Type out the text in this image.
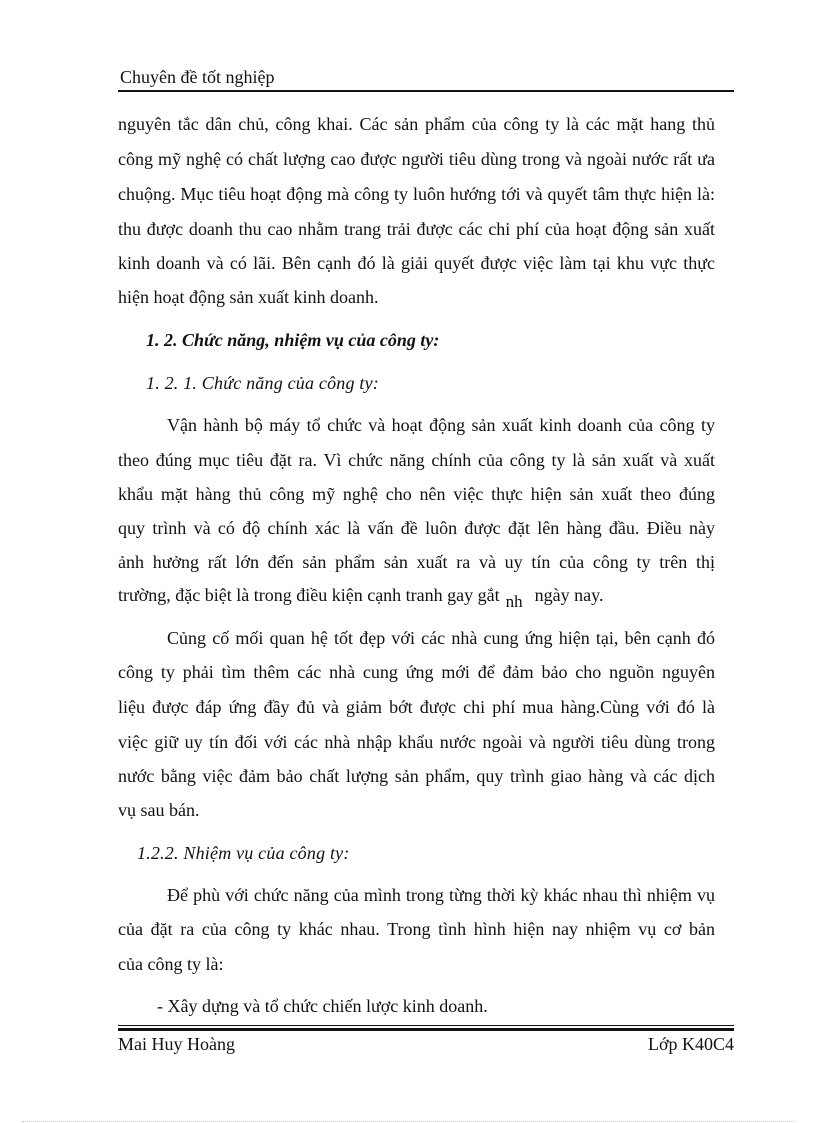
Chuyên đề tốt nghiệp
nguyên tắc dân chủ, công khai. Các sản phẩm của công ty là các mặt hang thủ
công mỹ nghệ có chất lượng cao được người tiêu dùng trong và ngoài nước rất ưa
chuộng. Mục tiêu hoạt động mà công ty luôn hướng tới và quyết tâm thực hiện là:
thu được doanh thu cao nhằm trang trải được các chi phí của hoạt động sản xuất
kinh doanh và có lãi. Bên cạnh đó là giải quyết được việc làm tại khu vực thực
hiện hoạt động sản xuất kinh doanh.
1. 2. Chức năng, nhiệm vụ của công ty:
1. 2. 1. Chức năng của công ty:
Vận hành bộ máy tổ chức và hoạt động sản xuất kinh doanh của công ty
theo đúng mục tiêu đặt ra. Vì chức năng chính của công ty là sản xuất và xuất
khẩu mặt hàng thủ công mỹ nghệ cho nên việc thực hiện sản xuất theo đúng
quy trình và có độ chính xác là vấn đề luôn được đặt lên hàng đầu. Điều này
ảnh hưởng rất lớn đến sản phẩm sản xuất ra và uy tín của công ty trên thị
trường, đặc biệt là trong điều kiện cạnh tranh gay gắt nh ngày nay.
Củng cố mối quan hệ tốt đẹp với các nhà cung ứng hiện tại, bên cạnh đó
công ty phải tìm thêm các nhà cung ứng mới để đảm bảo cho nguồn nguyên
liệu được đáp ứng đầy đủ và giảm bớt được chi phí mua hàng.Cùng với đó là
việc giữ uy tín đối với các nhà nhập khẩu nước ngoài và người tiêu dùng trong
nước bằng việc đảm bảo chất lượng sản phẩm, quy trình giao hàng và các dịch
vụ sau bán.
1.2.2. Nhiệm vụ của công ty:
Để phù với chức năng của mình trong từng thời kỳ khác nhau thì nhiệm vụ
của đặt ra của công ty khác nhau. Trong tình hình hiện nay nhiệm vụ cơ bản
của công ty là:
- Xây dựng và tổ chức chiến lược kinh doanh.
Mai Huy Hoàng	Lớp K40C4
